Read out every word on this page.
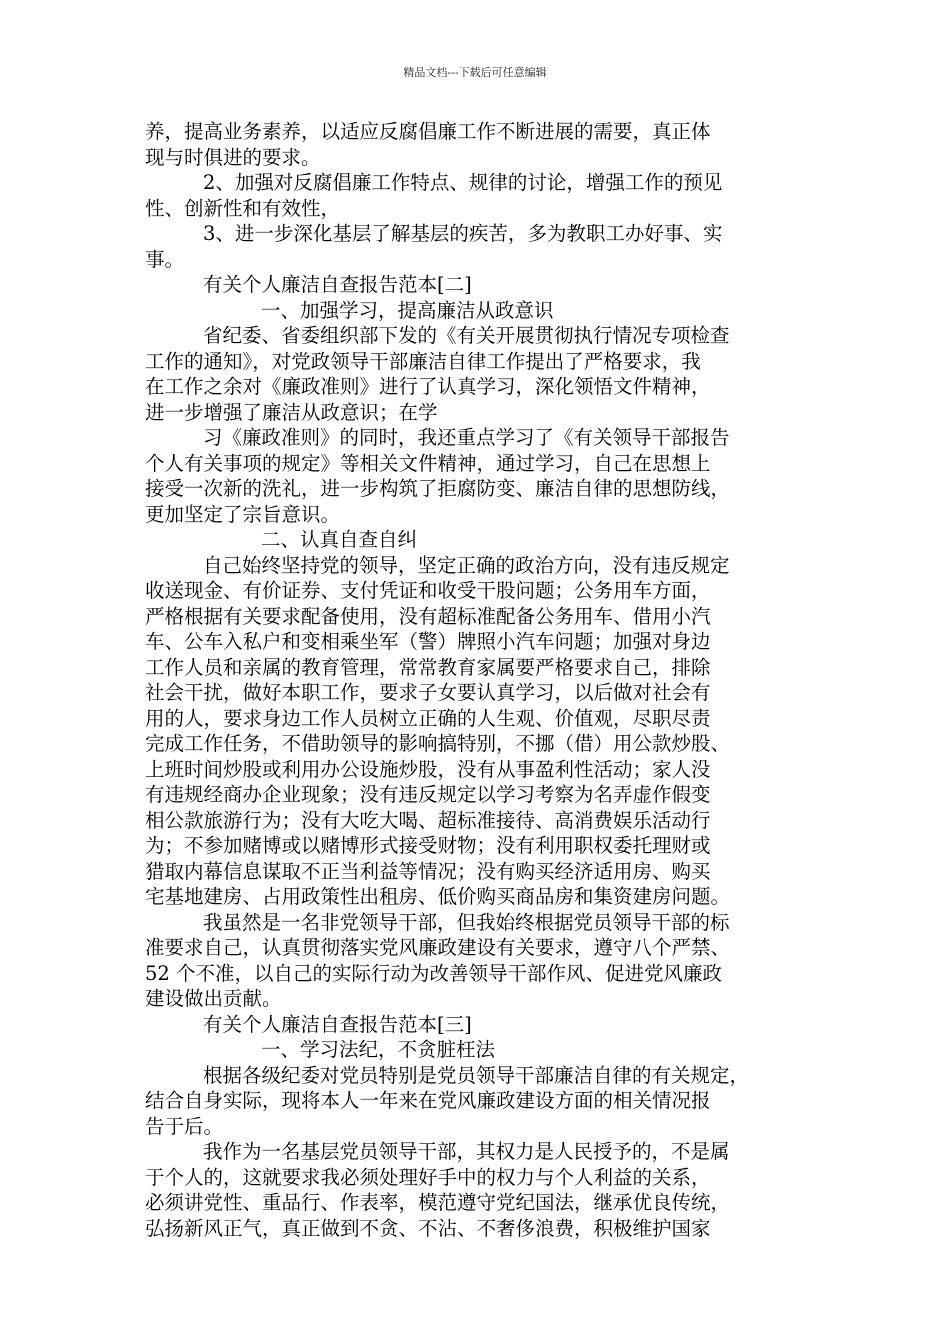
精品文档---下载后可任意编辑
养，提高业务素养，以适应反腐倡廉工作不断进展的需要，真正体
现与时俱进的要求。
2、加强对反腐倡廉工作特点、规律的讨论，增强工作的预见
性、创新性和有效性，
3、进一步深化基层了解基层的疾苦，多为教职工办好事、实
事。
有关个人廉洁自查报告范本[二]
一、加强学习，提高廉洁从政意识
省纪委、省委组织部下发的《有关开展贯彻执行情况专项检查
工作的通知》，对党政领导干部廉洁自律工作提出了严格要求，我
在工作之余对《廉政准则》进行了认真学习，深化领悟文件精神，
进一步增强了廉洁从政意识；在学
习《廉政准则》的同时，我还重点学习了《有关领导干部报告
个人有关事项的规定》等相关文件精神，通过学习，自己在思想上
接受一次新的洗礼，进一步构筑了拒腐防变、廉洁自律的思想防线，
更加坚定了宗旨意识。
二、认真自查自纠
自己始终坚持党的领导，坚定正确的政治方向，没有违反规定
收送现金、有价证券、支付凭证和收受干股问题；公务用车方面，
严格根据有关要求配备使用，没有超标准配备公务用车、借用小汽
车、公车入私户和变相乘坐军（警）牌照小汽车问题；加强对身边
工作人员和亲属的教育管理，常常教育家属要严格要求自己，排除
社会干扰，做好本职工作，要求子女要认真学习，以后做对社会有
用的人，要求身边工作人员树立正确的人生观、价值观，尽职尽责
完成工作任务，不借助领导的影响搞特别，不挪（借）用公款炒股、
上班时间炒股或利用办公设施炒股，没有从事盈利性活动；家人没
有违规经商办企业现象；没有违反规定以学习考察为名弄虚作假变
相公款旅游行为；没有大吃大喝、超标准接待、高消费娱乐活动行
为；不参加赌博或以赌博形式接受财物；没有利用职权委托理财或
猎取内幕信息谋取不正当利益等情况；没有购买经济适用房、购买
宅基地建房、占用政策性出租房、低价购买商品房和集资建房问题。
我虽然是一名非党领导干部，但我始终根据党员领导干部的标
准要求自己，认真贯彻落实党风廉政建设有关要求，遵守八个严禁、
52 个不准，以自己的实际行动为改善领导干部作风、促进党风廉政
建设做出贡献。
有关个人廉洁自查报告范本[三]
一、学习法纪，不贪脏枉法
根据各级纪委对党员特别是党员领导干部廉洁自律的有关规定，
结合自身实际，现将本人一年来在党风廉政建设方面的相关情况报
告于后。
我作为一名基层党员领导干部，其权力是人民授予的，不是属
于个人的，这就要求我必须处理好手中的权力与个人利益的关系，
必须讲党性、重品行、作表率，模范遵守党纪国法，继承优良传统，
弘扬新风正气，真正做到不贪、不沾、不奢侈浪费，积极维护国家
